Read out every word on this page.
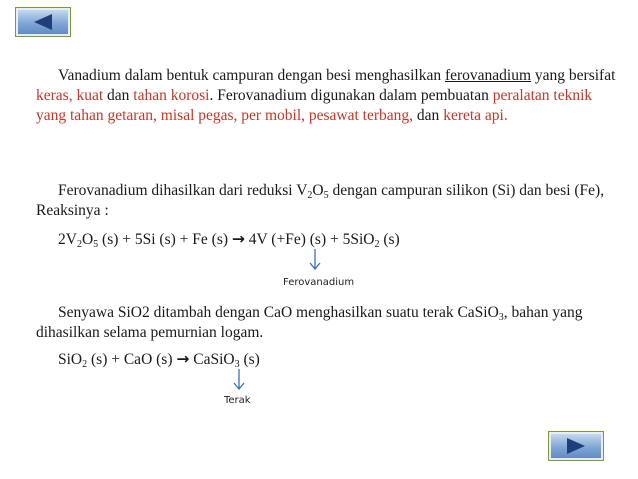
Vanadium dalam bentuk campuran dengan besi menghasilkan ferovanadium yang bersifat keras, kuat dan tahan korosi. Ferovanadium digunakan dalam pembuatan peralatan teknik yang tahan getaran, misal pegas, per mobil, pesawat terbang, dan kereta api.

Ferovanadium dihasilkan dari reduksi $V_2O_5$ dengan campuran silikon (Si) dan besi (Fe), Reaksinya :

$2V_2O_5$ (s) + 5Si (s) + Fe (s) → 4V (+Fe) (s) + 5SiO$_2$ (s)

Ferovanadium

Senyawa SiO2 ditambah dengan CaO menghasilkan suatu terak CaSiO$_3$, bahan yang dihasilkan selama pemurnian logam.

SiO$_2$ (s) + CaO (s) → CaSiO$_3$ (s)

Terak
